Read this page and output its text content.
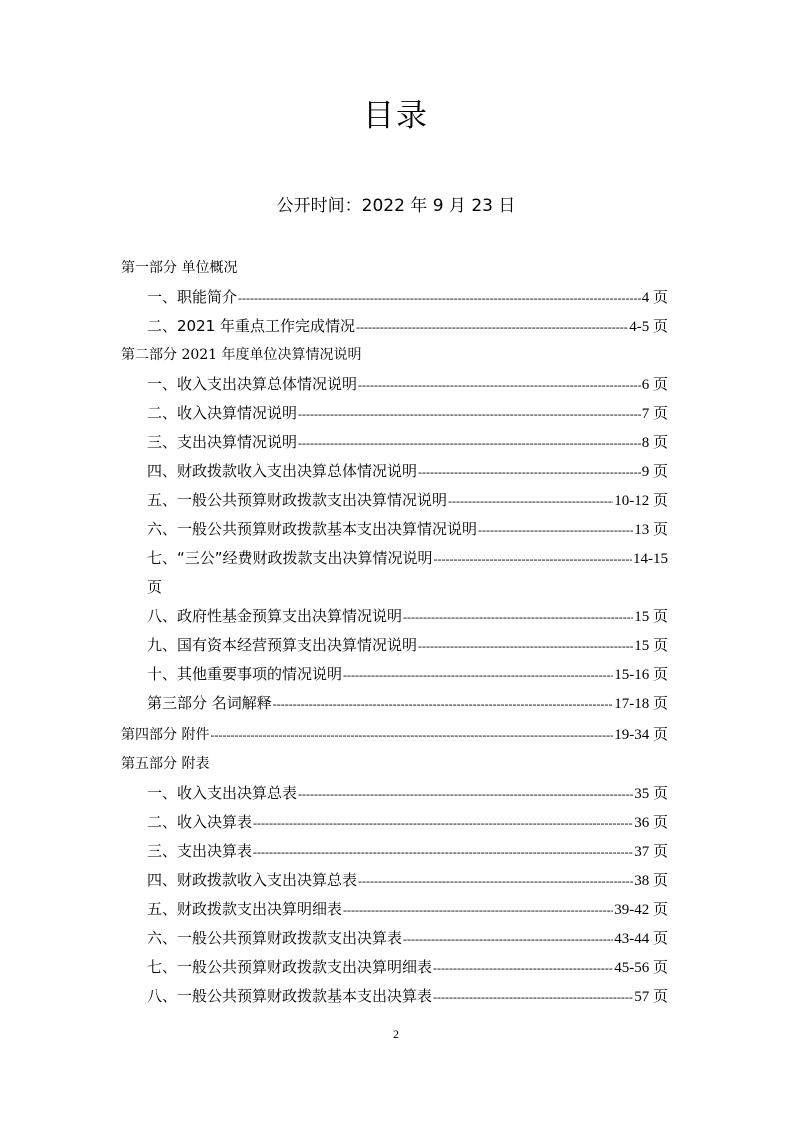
目录
公开时间：2022 年 9 月 23 日
第一部分 单位概况
一、职能简介 -----	4 页
二、2021 年重点工作完成情况 -----	4-5 页
第二部分 2021 年度单位决算情况说明
一、收入支出决算总体情况说明 -----	6 页
二、收入决算情况说明 -----	7 页
三、支出决算情况说明 -----	8 页
四、财政拨款收入支出决算总体情况说明 -----	9 页
五、一般公共预算财政拨款支出决算情况说明 -----	10-12 页
六、一般公共预算财政拨款基本支出决算情况说明 -----	13 页
七、“三公”经费财政拨款支出决算情况说明 -----	14-15
页
八、政府性基金预算支出决算情况说明 -----	15 页
九、国有资本经营预算支出决算情况说明 -----	15 页
十、其他重要事项的情况说明 -----	15-16 页
第三部分 名词解释 -----	17-18 页
第四部分 附件 -----	19-34 页
第五部分 附表
一、收入支出决算总表 -----	35 页
二、收入决算表 -----	36 页
三、支出决算表 -----	37 页
四、财政拨款收入支出决算总表 -----	38 页
五、财政拨款支出决算明细表 -----	39-42 页
六、一般公共预算财政拨款支出决算表 -----	43-44 页
七、一般公共预算财政拨款支出决算明细表 -----	45-56 页
八、一般公共预算财政拨款基本支出决算表 -----	57 页
2
